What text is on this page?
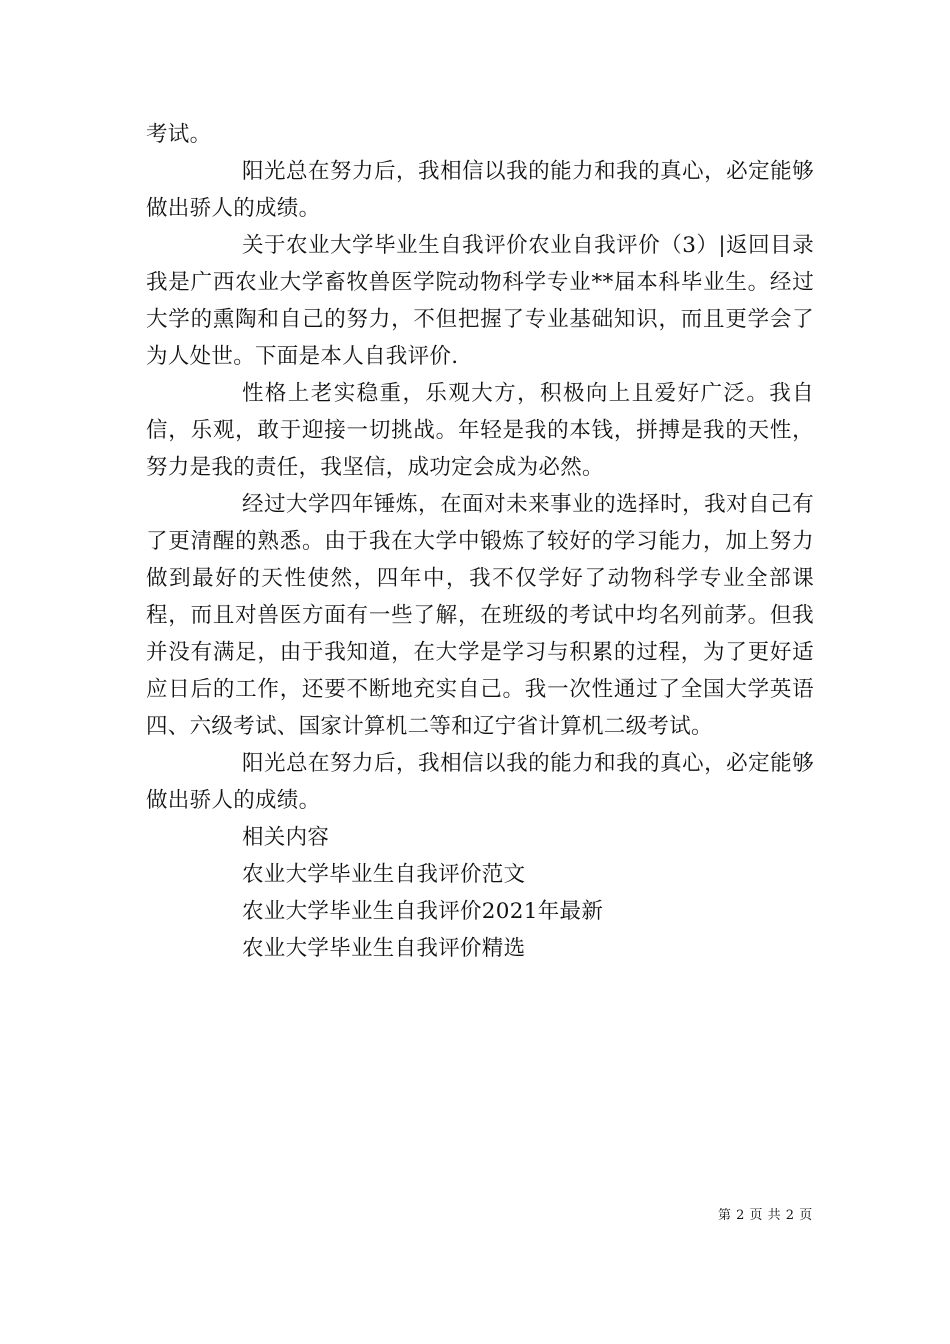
考试。

阳光总在努力后，我相信以我的能力和我的真心，必定能够做出骄人的成绩。

关于农业大学毕业生自我评价农业自我评价（3）|返回目录我是广西农业大学畜牧兽医学院动物科学专业**届本科毕业生。经过大学的熏陶和自己的努力，不但把握了专业基础知识，而且更学会了为人处世。下面是本人自我评价.

性格上老实稳重，乐观大方，积极向上且爱好广泛。我自信，乐观，敢于迎接一切挑战。年轻是我的本钱，拼搏是我的天性，努力是我的责任，我坚信，成功定会成为必然。

经过大学四年锤炼，在面对未来事业的选择时，我对自己有了更清醒的熟悉。由于我在大学中锻炼了较好的学习能力，加上努力做到最好的天性使然，四年中，我不仅学好了动物科学专业全部课程，而且对兽医方面有一些了解，在班级的考试中均名列前茅。但我并没有满足，由于我知道，在大学是学习与积累的过程，为了更好适应日后的工作，还要不断地充实自己。我一次性通过了全国大学英语四、六级考试、国家计算机二等和辽宁省计算机二级考试。

阳光总在努力后，我相信以我的能力和我的真心，必定能够做出骄人的成绩。

相关内容
农业大学毕业生自我评价范文
农业大学毕业生自我评价2021年最新
农业大学毕业生自我评价精选
第 2 页 共 2 页
